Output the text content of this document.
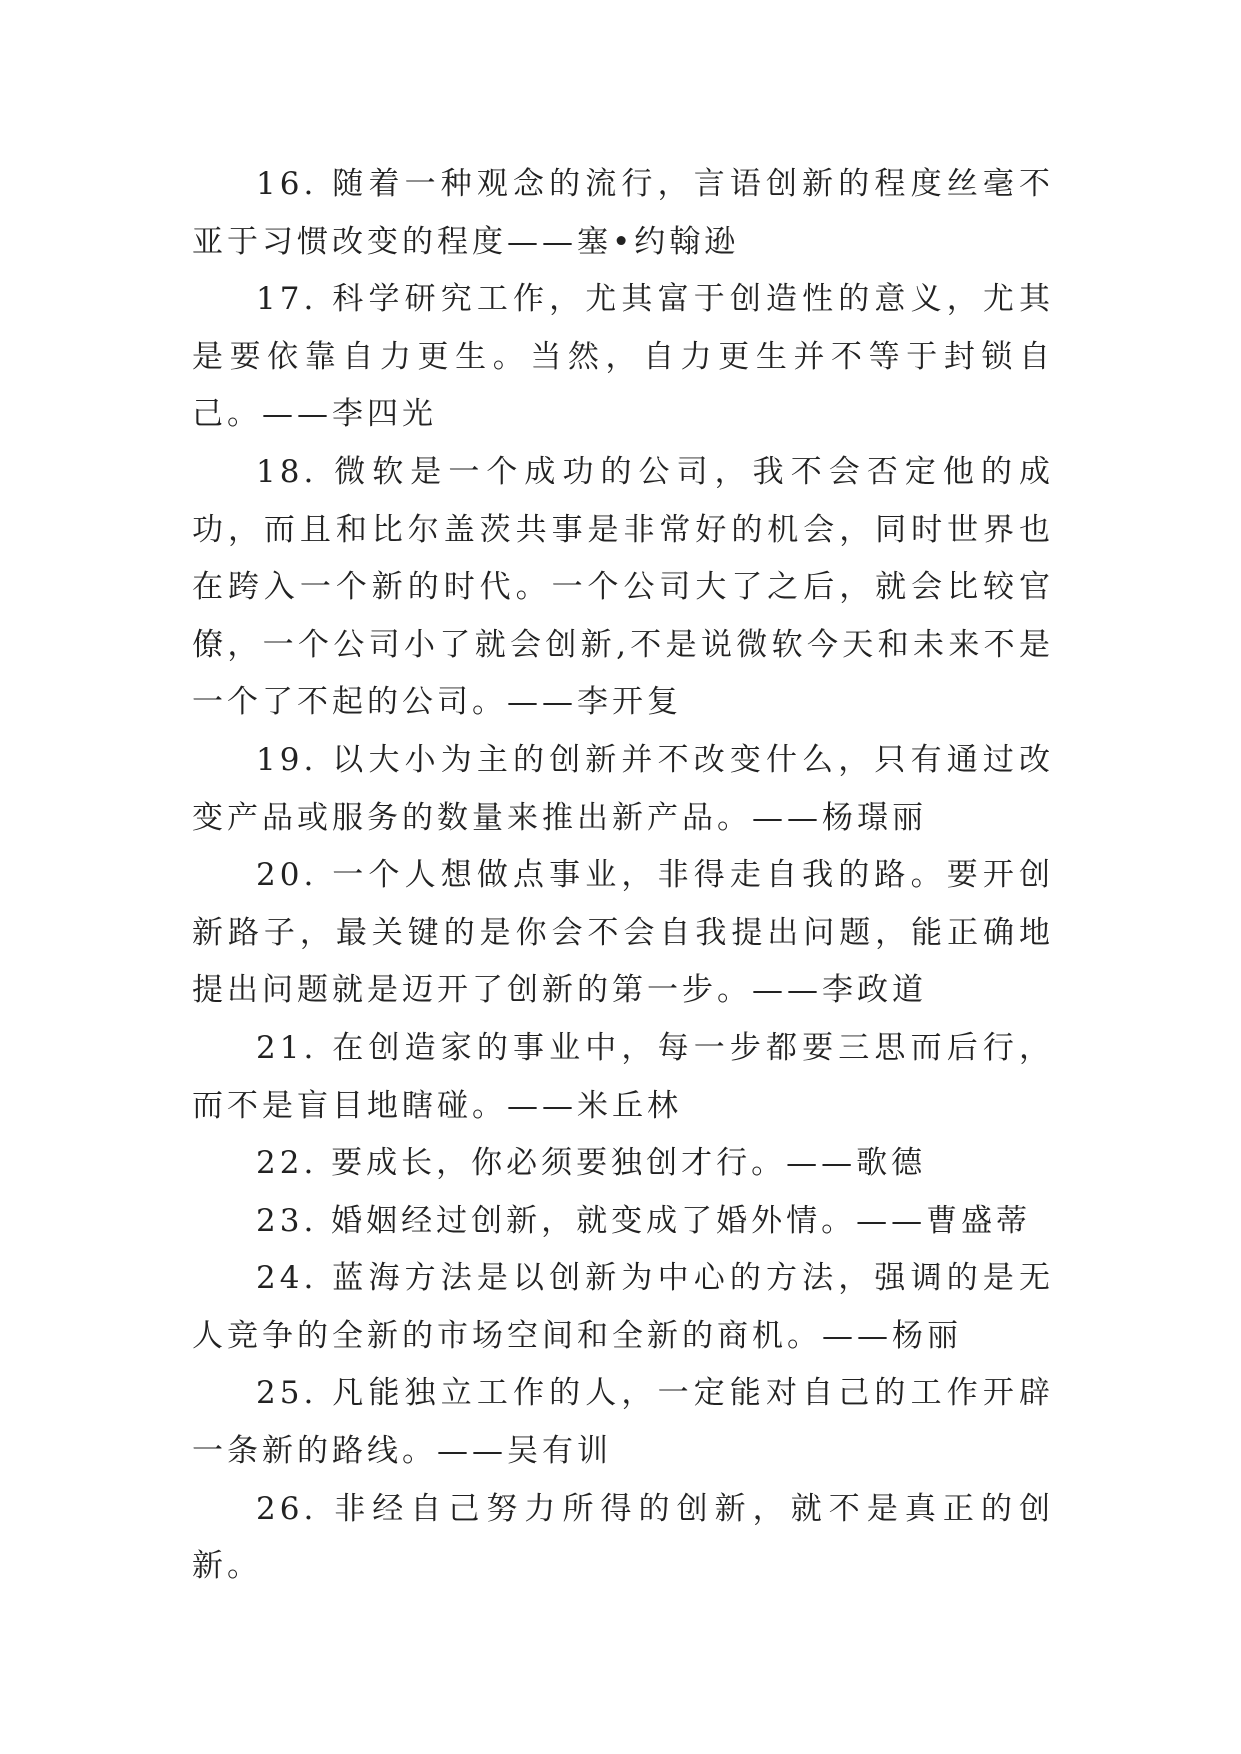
16. 随着一种观念的流行，言语创新的程度丝毫不亚于习惯改变的程度——塞•约翰逊

17. 科学研究工作，尤其富于创造性的意义，尤其是要依靠自力更生。当然，自力更生并不等于封锁自己。——李四光

18. 微软是一个成功的公司，我不会否定他的成功，而且和比尔盖茨共事是非常好的机会，同时世界也在跨入一个新的时代。一个公司大了之后，就会比较官僚，一个公司小了就会创新,不是说微软今天和未来不是一个了不起的公司。——李开复

19. 以大小为主的创新并不改变什么，只有通过改变产品或服务的数量来推出新产品。——杨璟丽

20. 一个人想做点事业，非得走自我的路。要开创新路子，最关键的是你会不会自我提出问题，能正确地提出问题就是迈开了创新的第一步。——李政道

21. 在创造家的事业中，每一步都要三思而后行，而不是盲目地瞎碰。——米丘林

22. 要成长，你必须要独创才行。——歌德

23. 婚姻经过创新，就变成了婚外情。——曹盛蒂

24. 蓝海方法是以创新为中心的方法，强调的是无人竞争的全新的市场空间和全新的商机。——杨丽

25. 凡能独立工作的人，一定能对自己的工作开辟一条新的路线。——吴有训

26. 非经自己努力所得的创新，就不是真正的创新。
